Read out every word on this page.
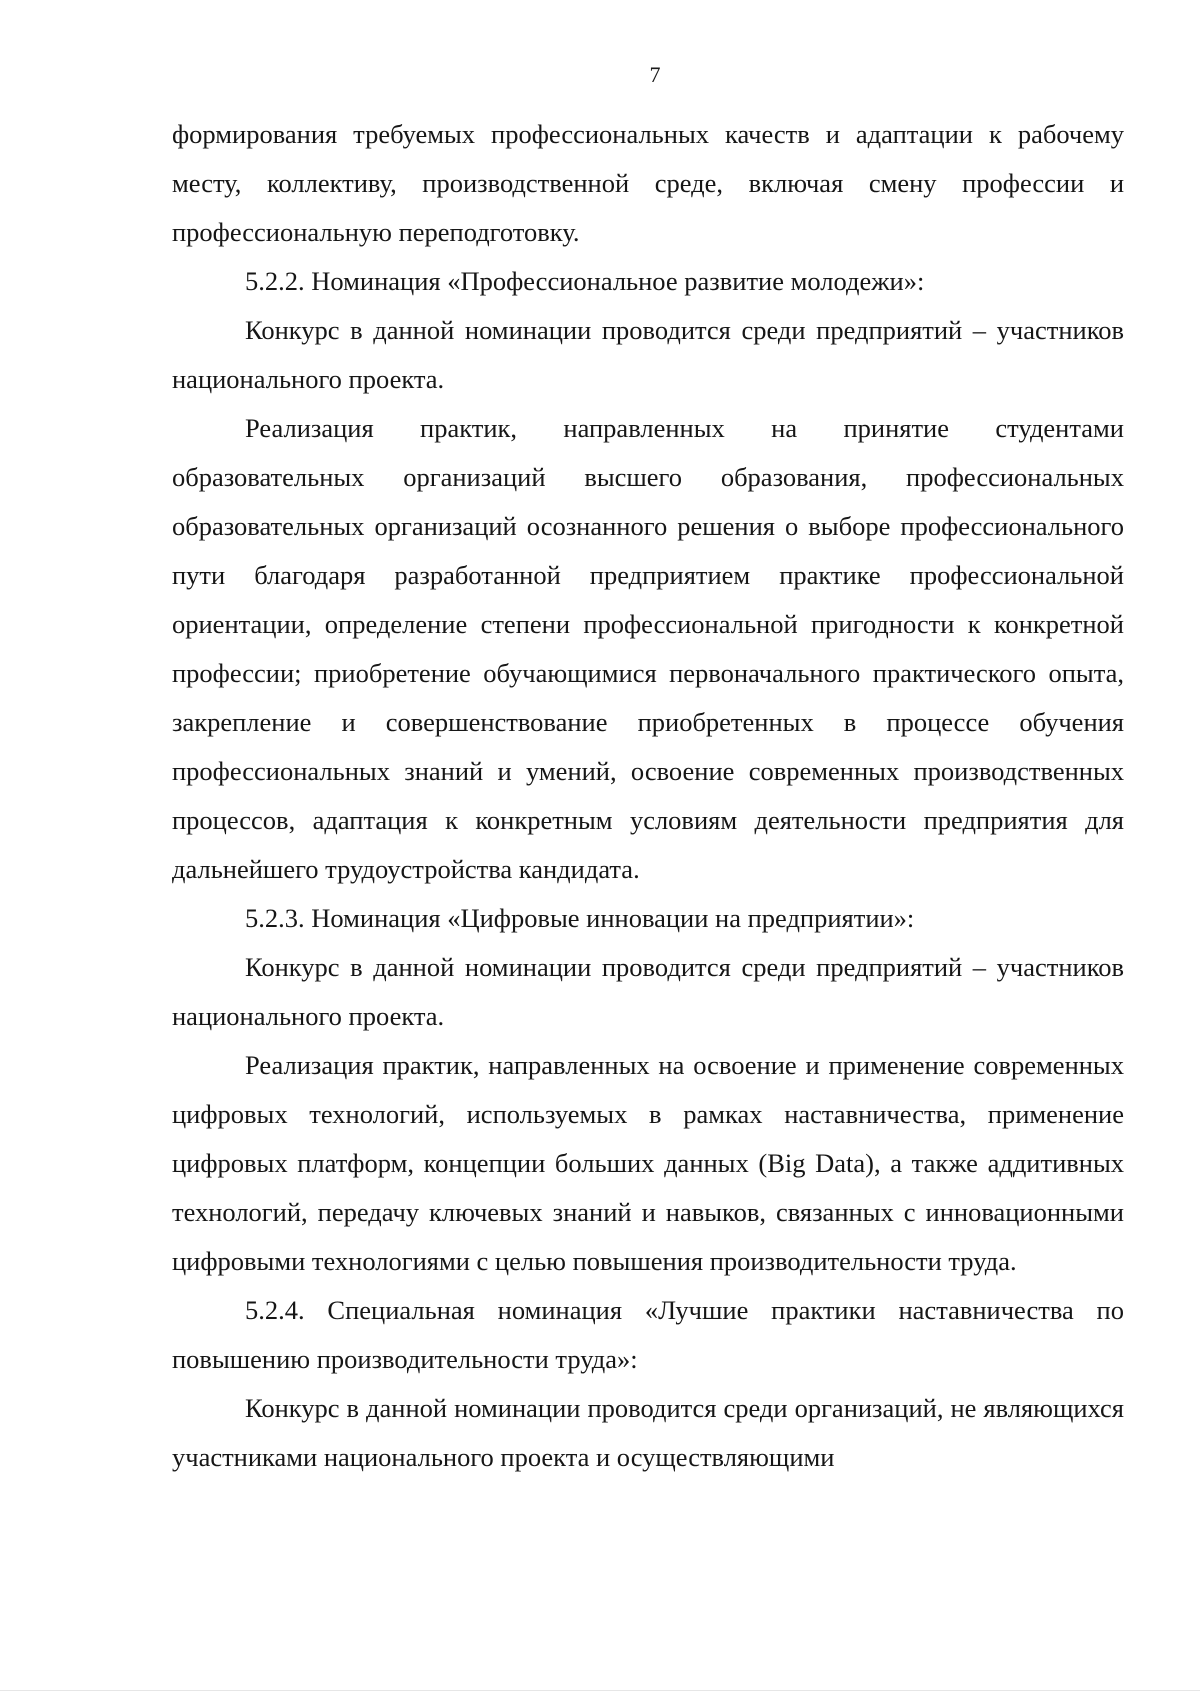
7

формирования требуемых профессиональных качеств и адаптации к рабочему месту, коллективу, производственной среде, включая смену профессии и профессиональную переподготовку.

5.2.2. Номинация «Профессиональное развитие молодежи»:

Конкурс в данной номинации проводится среди предприятий – участников национального проекта.

Реализация практик, направленных на принятие студентами образовательных организаций высшего образования, профессиональных образовательных организаций осознанного решения о выборе профессионального пути благодаря разработанной предприятием практике профессиональной ориентации, определение степени профессиональной пригодности к конкретной профессии; приобретение обучающимися первоначального практического опыта, закрепление и совершенствование приобретенных в процессе обучения профессиональных знаний и умений, освоение современных производственных процессов, адаптация к конкретным условиям деятельности предприятия для дальнейшего трудоустройства кандидата.

5.2.3. Номинация «Цифровые инновации на предприятии»:

Конкурс в данной номинации проводится среди предприятий – участников национального проекта.

Реализация практик, направленных на освоение и применение современных цифровых технологий, используемых в рамках наставничества, применение цифровых платформ, концепции больших данных (Big Data), а также аддитивных технологий, передачу ключевых знаний и навыков, связанных с инновационными цифровыми технологиями с целью повышения производительности труда.

5.2.4. Специальная номинация «Лучшие практики наставничества по повышению производительности труда»:

Конкурс в данной номинации проводится среди организаций, не являющихся участниками национального проекта и осуществляющими
